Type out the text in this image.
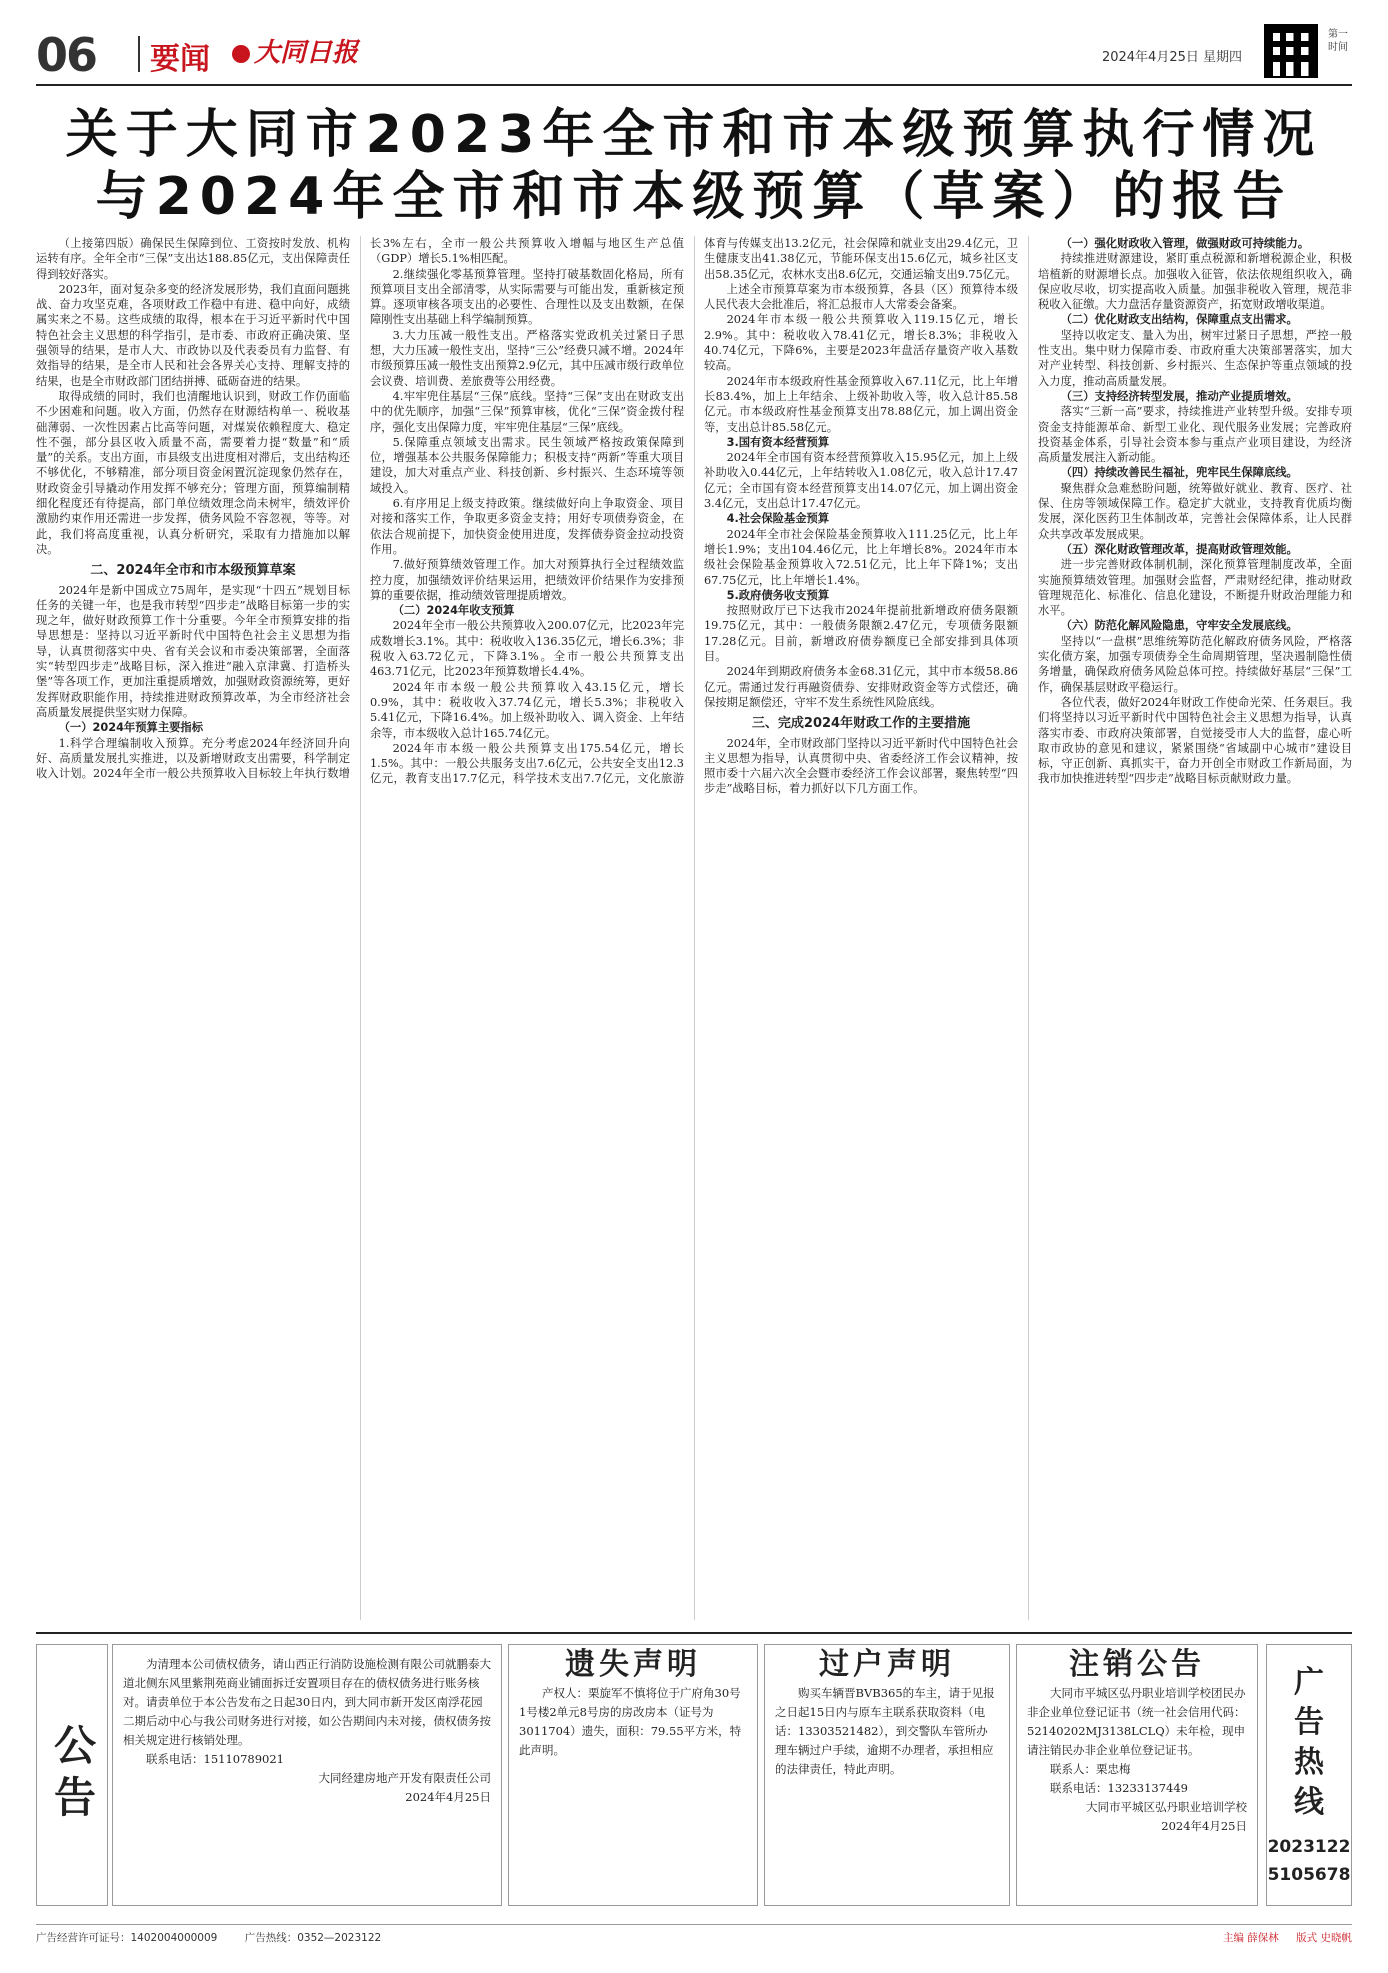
06 要闻	大同日报	2024年4月25日 星期四
第一时间
关于大同市2023年全市和市本级预算执行情况
与2024年全市和市本级预算（草案）的报告

（上接第四版）确保民生保障到位、工资按时发放、机构运转有序。全年全市“三保”支出达188.85亿元，支出保障责任得到较好落实。

2023年，面对复杂多变的经济发展形势，我们直面问题挑战、奋力攻坚克难，各项财政工作稳中有进、稳中向好，成绩属实来之不易。这些成绩的取得，根本在于习近平新时代中国特色社会主义思想的科学指引，是市委、市政府正确决策、坚强领导的结果，是市人大、市政协以及代表委员有力监督、有效指导的结果，是全市人民和社会各界关心支持、理解支持的结果，也是全市财政部门团结拼搏、砥砺奋进的结果。

取得成绩的同时，我们也清醒地认识到，财政工作仍面临不少困难和问题。收入方面，仍然存在财源结构单一、税收基础薄弱、一次性因素占比高等问题，对煤炭依赖程度大、稳定性不强，部分县区收入质量不高，需要着力提“数量”和“质量”的关系。支出方面，市县级支出进度相对滞后，支出结构还不够优化，不够精准，部分项目资金闲置沉淀现象仍然存在，财政资金引导撬动作用发挥不够充分；管理方面，预算编制精细化程度还有待提高，部门单位绩效理念尚未树牢，绩效评价激励约束作用还需进一步发挥，债务风险不容忽视，等等。对此，我们将高度重视，认真分析研究，采取有力措施加以解决。

二、2024年全市和市本级预算草案

2024年是新中国成立75周年，是实现“十四五”规划目标任务的关键一年，也是我市转型“四步走”战略目标第一步的实现之年，做好财政预算工作十分重要。今年全市预算安排的指导思想是：坚持以习近平新时代中国特色社会主义思想为指导，认真贯彻落实中央、省有关会议和市委决策部署，全面落实“转型四步走”战略目标，深入推进“融入京津冀、打造桥头堡”等各项工作，更加注重提质增效，加强财政资源统筹，更好发挥财政职能作用，持续推进财政预算改革，为全市经济社会高质量发展提供坚实财力保障。

（一）2024年预算主要指标

1.科学合理编制收入预算。充分考虑2024年经济回升向好、高质量发展扎实推进，以及新增财政支出需要，科学制定收入计划。2024年全市一般公共预算收入目标较上年执行数增长3%左右，全市一般公共预算收入增幅与地区生产总值（GDP）增长5.1%相匹配。

2.继续强化零基预算管理。坚持打破基数固化格局，所有预算项目支出全部清零，从实际需要与可能出发，重新核定预算。逐项审核各项支出的必要性、合理性以及支出数额，在保障刚性支出基础上科学编制预算。

3.大力压减一般性支出。严格落实党政机关过紧日子思想，大力压减一般性支出，坚持“三公”经费只减不增。2024年市级预算压减一般性支出预算2.9亿元，其中压减市级行政单位会议费、培训费、差旅费等公用经费。

4.牢牢兜住基层“三保”底线。坚持“三保”支出在财政支出中的优先顺序，加强“三保”预算审核，优化“三保”资金拨付程序，强化支出保障力度，牢牢兜住基层“三保”底线。

5.保障重点领域支出需求。民生领域严格按政策保障到位，增强基本公共服务保障能力；积极支持“两新”等重大项目建设，加大对重点产业、科技创新、乡村振兴、生态环境等领域投入。

6.有序用足上级支持政策。继续做好向上争取资金、项目对接和落实工作，争取更多资金支持；用好专项债券资金，在依法合规前提下，加快资金使用进度，发挥债券资金拉动投资作用。

7.做好预算绩效管理工作。加大对预算执行全过程绩效监控力度，加强绩效评价结果运用，把绩效评价结果作为安排预算的重要依据，推动绩效管理提质增效。

（二）2024年收支预算

2024年全市一般公共预算收入200.07亿元，比2023年完成数增长3.1%。其中：税收收入136.35亿元，增长6.3%；非税收入63.72亿元，下降3.1%。全市一般公共预算支出463.71亿元，比2023年预算数增长4.4%。

2024年市本级一般公共预算收入43.15亿元，增长0.9%，其中：税收收入37.74亿元，增长5.3%；非税收入5.41亿元，下降16.4%。加上级补助收入、调入资金、上年结余等，市本级收入总计165.74亿元。

2024年市本级一般公共预算支出175.54亿元，增长1.5%。其中：一般公共服务支出7.6亿元，公共安全支出12.3亿元，教育支出17.7亿元，科学技术支出7.7亿元，文化旅游体育与传媒支出13.2亿元，社会保障和就业支出29.4亿元，卫生健康支出41.38亿元，节能环保支出15.6亿元，城乡社区支出58.35亿元，农林水支出8.6亿元，交通运输支出9.75亿元。

上述全市预算草案为市本级预算，各县（区）预算待本级人民代表大会批准后，将汇总报市人大常委会备案。

2024年市本级一般公共预算收入119.15亿元，增长2.9%。其中：税收收入78.41亿元，增长8.3%；非税收入40.74亿元，下降6%，主要是2023年盘活存量资产收入基数较高。

2024年市本级政府性基金预算收入67.11亿元，比上年增长83.4%，加上上年结余、上级补助收入等，收入总计85.58亿元。市本级政府性基金预算支出78.88亿元，加上调出资金等，支出总计85.58亿元。

3.国有资本经营预算

2024年全市国有资本经营预算收入15.95亿元，加上上级补助收入0.44亿元，上年结转收入1.08亿元，收入总计17.47亿元；全市国有资本经营预算支出14.07亿元，加上调出资金3.4亿元，支出总计17.47亿元。

4.社会保险基金预算

2024年全市社会保险基金预算收入111.25亿元，比上年增长1.9%；支出104.46亿元，比上年增长8%。2024年市本级社会保险基金预算收入72.51亿元，比上年下降1%；支出67.75亿元，比上年增长1.4%。

5.政府债务收支预算

按照财政厅已下达我市2024年提前批新增政府债务限额19.75亿元，其中：一般债务限额2.47亿元，专项债务限额17.28亿元。目前，新增政府债券额度已全部安排到具体项目。

2024年到期政府债务本金68.31亿元，其中市本级58.86亿元。需通过发行再融资债券、安排财政资金等方式偿还，确保按期足额偿还，守牢不发生系统性风险底线。

三、完成2024年财政工作的主要措施

2024年，全市财政部门坚持以习近平新时代中国特色社会主义思想为指导，认真贯彻中央、省委经济工作会议精神，按照市委十六届六次全会暨市委经济工作会议部署，聚焦转型“四步走”战略目标，着力抓好以下几方面工作。

（一）强化财政收入管理，做强财政可持续能力。

持续推进财源建设，紧盯重点税源和新增税源企业，积极培植新的财源增长点。加强收入征管，依法依规组织收入，确保应收尽收，切实提高收入质量。加强非税收入管理，规范非税收入征缴。大力盘活存量资源资产，拓宽财政增收渠道。

（二）优化财政支出结构，保障重点支出需求。

坚持以收定支、量入为出，树牢过紧日子思想，严控一般性支出。集中财力保障市委、市政府重大决策部署落实，加大对产业转型、科技创新、乡村振兴、生态保护等重点领域的投入力度，推动高质量发展。

（三）支持经济转型发展，推动产业提质增效。

落实“三新一高”要求，持续推进产业转型升级。安排专项资金支持能源革命、新型工业化、现代服务业发展；完善政府投资基金体系，引导社会资本参与重点产业项目建设，为经济高质量发展注入新动能。

（四）持续改善民生福祉，兜牢民生保障底线。

聚焦群众急难愁盼问题，统筹做好就业、教育、医疗、社保、住房等领域保障工作。稳定扩大就业，支持教育优质均衡发展，深化医药卫生体制改革，完善社会保障体系，让人民群众共享改革发展成果。

（五）深化财政管理改革，提高财政管理效能。

进一步完善财政体制机制，深化预算管理制度改革，全面实施预算绩效管理。加强财会监督，严肃财经纪律，推动财政管理规范化、标准化、信息化建设，不断提升财政治理能力和水平。

（六）防范化解风险隐患，守牢安全发展底线。

坚持以“一盘棋”思维统筹防范化解政府债务风险，严格落实化债方案，加强专项债券全生命周期管理，坚决遏制隐性债务增量，确保政府债务风险总体可控。持续做好基层“三保”工作，确保基层财政平稳运行。

各位代表，做好2024年财政工作使命光荣、任务艰巨。我们将坚持以习近平新时代中国特色社会主义思想为指导，认真落实市委、市政府决策部署，自觉接受市人大的监督，虚心听取市政协的意见和建议，紧紧围绕“省域副中心城市”建设目标，守正创新、真抓实干，奋力开创全市财政工作新局面，为我市加快推进转型“四步走”战略目标贡献财政力量。

公告

为清理本公司债权债务，请山西正行消防设施检测有限公司就鹏泰大道北侧东风里紫荆苑商业铺面拆迁安置项目存在的债权债务进行账务核对。请责单位于本公告发布之日起30日内，到大同市新开发区南浮花园二期后动中心与我公司财务进行对接，如公告期间内未对接，债权债务按相关规定进行核销处理。

联系电话：15110789021

大同经建房地产开发有限责任公司

2024年4月25日

遗失声明

产权人：栗旋军不慎将位于广府角30号1号楼2单元8号房的房改房本（证号为3011704）遗失，面积：79.55平方米，特此声明。

过户声明

购买车辆晋BVB365的车主，请于见报之日起15日内与原车主联系获取资料（电话：13303521482），到交警队车管所办理车辆过户手续，逾期不办理者，承担相应的法律责任，特此声明。

注销公告

大同市平城区弘丹职业培训学校团民办非企业单位登记证书（统一社会信用代码：52140202MJ3138LCLQ）未年检，现申请注销民办非企业单位登记证书。

联系人：栗忠梅

联系电话：13233137449

大同市平城区弘丹职业培训学校

2024年4月25日

广告热线
2023122
5105678
广告经营许可证号：1402004000009	广告热线：0352—2023122	主编 薛保林 版式 史晓帆
